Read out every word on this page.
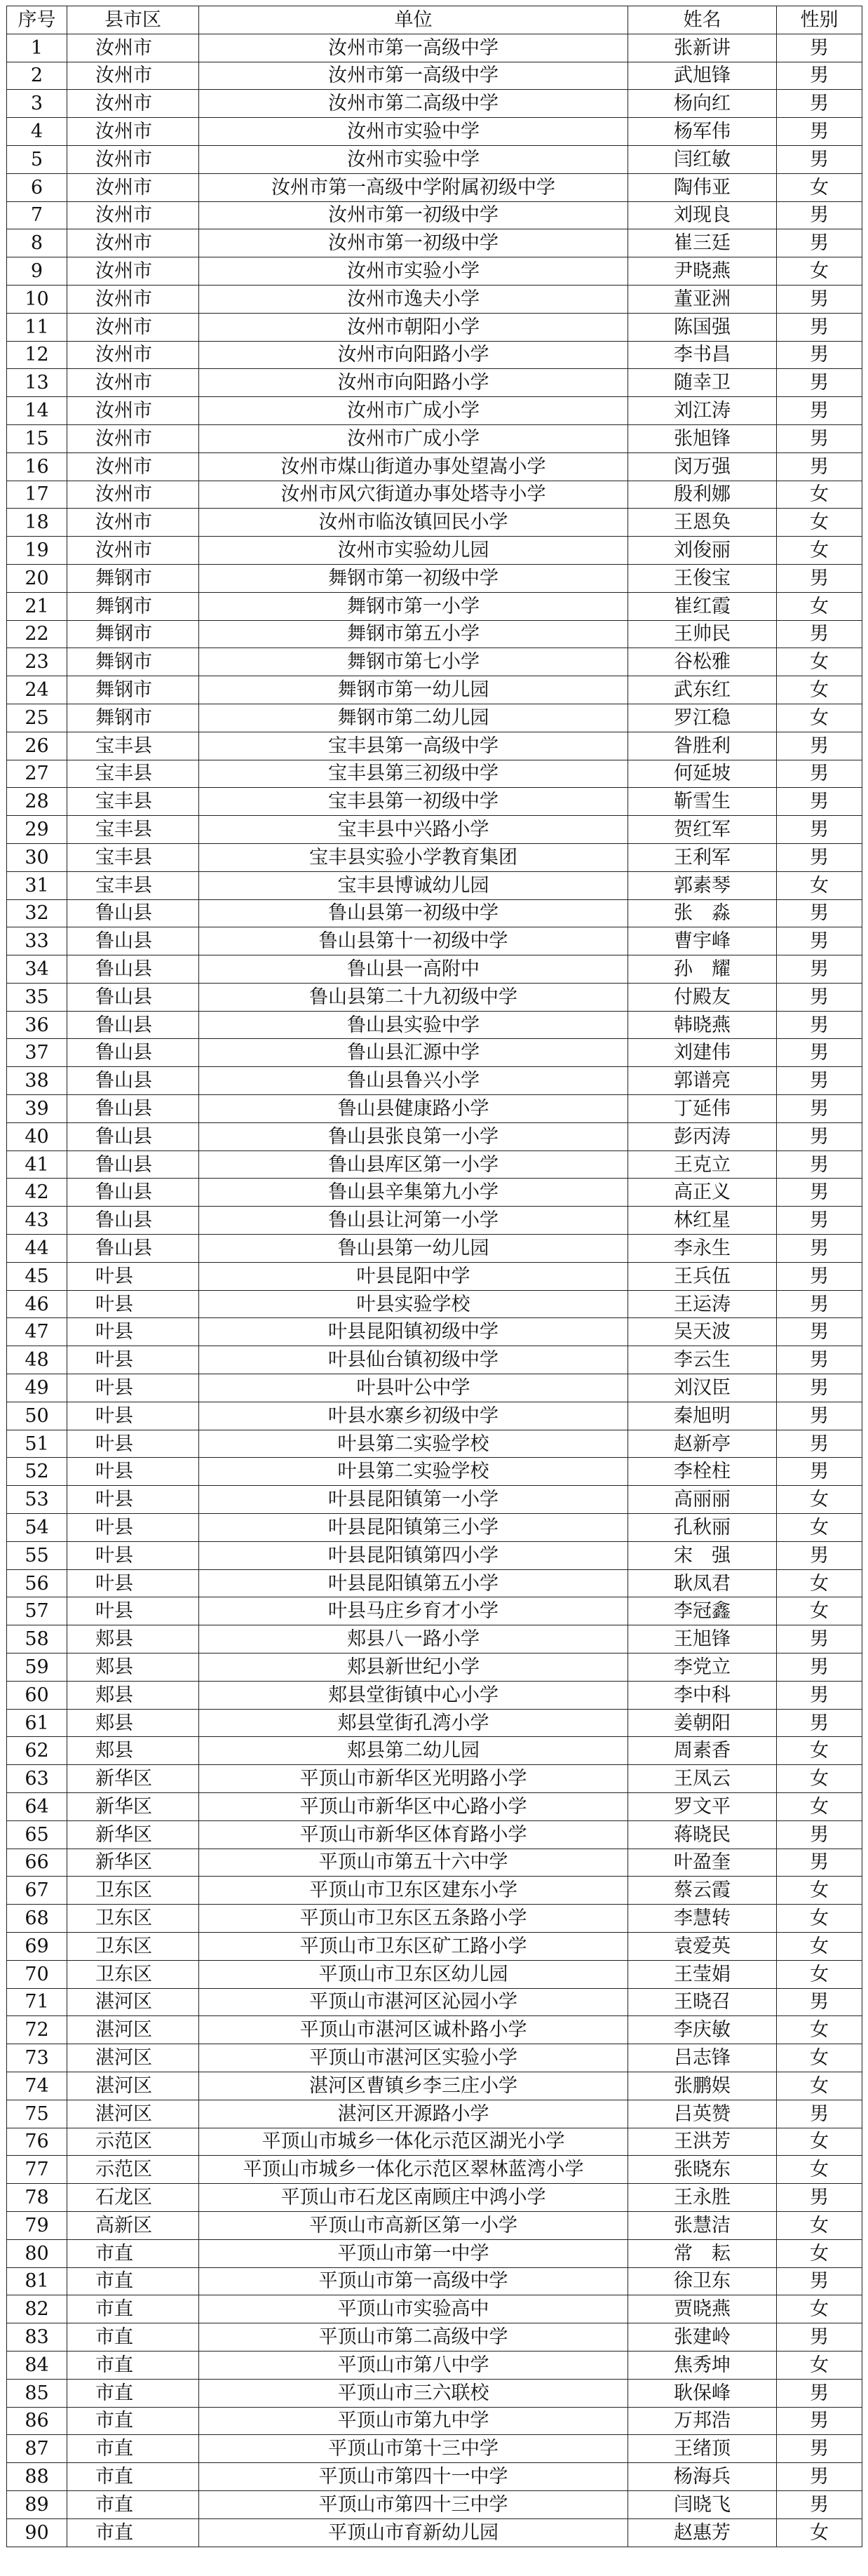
序号	县市区	单位	姓名	性别
1	汝州市	汝州市第一高级中学	张新讲	男
2	汝州市	汝州市第一高级中学	武旭锋	男
3	汝州市	汝州市第二高级中学	杨向红	男
4	汝州市	汝州市实验中学	杨军伟	男
5	汝州市	汝州市实验中学	闫红敏	男
6	汝州市	汝州市第一高级中学附属初级中学	陶伟亚	女
7	汝州市	汝州市第一初级中学	刘现良	男
8	汝州市	汝州市第一初级中学	崔三廷	男
9	汝州市	汝州市实验小学	尹晓燕	女
10	汝州市	汝州市逸夫小学	董亚洲	男
11	汝州市	汝州市朝阳小学	陈国强	男
12	汝州市	汝州市向阳路小学	李书昌	男
13	汝州市	汝州市向阳路小学	随幸卫	男
14	汝州市	汝州市广成小学	刘江涛	男
15	汝州市	汝州市广成小学	张旭锋	男
16	汝州市	汝州市煤山街道办事处望嵩小学	闵万强	男
17	汝州市	汝州市风穴街道办事处塔寺小学	殷利娜	女
18	汝州市	汝州市临汝镇回民小学	王恩奂	女
19	汝州市	汝州市实验幼儿园	刘俊丽	女
20	舞钢市	舞钢市第一初级中学	王俊宝	男
21	舞钢市	舞钢市第一小学	崔红霞	女
22	舞钢市	舞钢市第五小学	王帅民	男
23	舞钢市	舞钢市第七小学	谷松雅	女
24	舞钢市	舞钢市第一幼儿园	武东红	女
25	舞钢市	舞钢市第二幼儿园	罗江稳	女
26	宝丰县	宝丰县第一高级中学	昝胜利	男
27	宝丰县	宝丰县第三初级中学	何延坡	男
28	宝丰县	宝丰县第一初级中学	靳雪生	男
29	宝丰县	宝丰县中兴路小学	贺红军	男
30	宝丰县	宝丰县实验小学教育集团	王利军	男
31	宝丰县	宝丰县博诚幼儿园	郭素琴	女
32	鲁山县	鲁山县第一初级中学	张　淼	男
33	鲁山县	鲁山县第十一初级中学	曹宇峰	男
34	鲁山县	鲁山县一高附中	孙　耀	男
35	鲁山县	鲁山县第二十九初级中学	付殿友	男
36	鲁山县	鲁山县实验中学	韩晓燕	男
37	鲁山县	鲁山县汇源中学	刘建伟	男
38	鲁山县	鲁山县鲁兴小学	郭谱亮	男
39	鲁山县	鲁山县健康路小学	丁延伟	男
40	鲁山县	鲁山县张良第一小学	彭丙涛	男
41	鲁山县	鲁山县库区第一小学	王克立	男
42	鲁山县	鲁山县辛集第九小学	高正义	男
43	鲁山县	鲁山县让河第一小学	林红星	男
44	鲁山县	鲁山县第一幼儿园	李永生	男
45	叶县	叶县昆阳中学	王兵伍	男
46	叶县	叶县实验学校	王运涛	男
47	叶县	叶县昆阳镇初级中学	吴天波	男
48	叶县	叶县仙台镇初级中学	李云生	男
49	叶县	叶县叶公中学	刘汉臣	男
50	叶县	叶县水寨乡初级中学	秦旭明	男
51	叶县	叶县第二实验学校	赵新亭	男
52	叶县	叶县第二实验学校	李栓柱	男
53	叶县	叶县昆阳镇第一小学	高丽丽	女
54	叶县	叶县昆阳镇第三小学	孔秋丽	女
55	叶县	叶县昆阳镇第四小学	宋　强	男
56	叶县	叶县昆阳镇第五小学	耿凤君	女
57	叶县	叶县马庄乡育才小学	李冠鑫	女
58	郏县	郏县八一路小学	王旭锋	男
59	郏县	郏县新世纪小学	李党立	男
60	郏县	郏县堂街镇中心小学	李中科	男
61	郏县	郏县堂街孔湾小学	姜朝阳	男
62	郏县	郏县第二幼儿园	周素香	女
63	新华区	平顶山市新华区光明路小学	王凤云	女
64	新华区	平顶山市新华区中心路小学	罗文平	女
65	新华区	平顶山市新华区体育路小学	蒋晓民	男
66	新华区	平顶山市第五十六中学	叶盈奎	男
67	卫东区	平顶山市卫东区建东小学	蔡云霞	女
68	卫东区	平顶山市卫东区五条路小学	李慧转	女
69	卫东区	平顶山市卫东区矿工路小学	袁爱英	女
70	卫东区	平顶山市卫东区幼儿园	王莹娟	女
71	湛河区	平顶山市湛河区沁园小学	王晓召	男
72	湛河区	平顶山市湛河区诚朴路小学	李庆敏	女
73	湛河区	平顶山市湛河区实验小学	吕志锋	女
74	湛河区	湛河区曹镇乡李三庄小学	张鹏娱	女
75	湛河区	湛河区开源路小学	吕英赞	男
76	示范区	平顶山市城乡一体化示范区湖光小学	王洪芳	女
77	示范区	平顶山市城乡一体化示范区翠林蓝湾小学	张晓东	女
78	石龙区	平顶山市石龙区南顾庄中鸿小学	王永胜	男
79	高新区	平顶山市高新区第一小学	张慧洁	女
80	市直	平顶山市第一中学	常　耘	女
81	市直	平顶山市第一高级中学	徐卫东	男
82	市直	平顶山市实验高中	贾晓燕	女
83	市直	平顶山市第二高级中学	张建岭	男
84	市直	平顶山市第八中学	焦秀坤	女
85	市直	平顶山市三六联校	耿保峰	男
86	市直	平顶山市第九中学	万邦浩	男
87	市直	平顶山市第十三中学	王绪顶	男
88	市直	平顶山市第四十一中学	杨海兵	男
89	市直	平顶山市第四十三中学	闫晓飞	男
90	市直	平顶山市育新幼儿园	赵惠芳	女
